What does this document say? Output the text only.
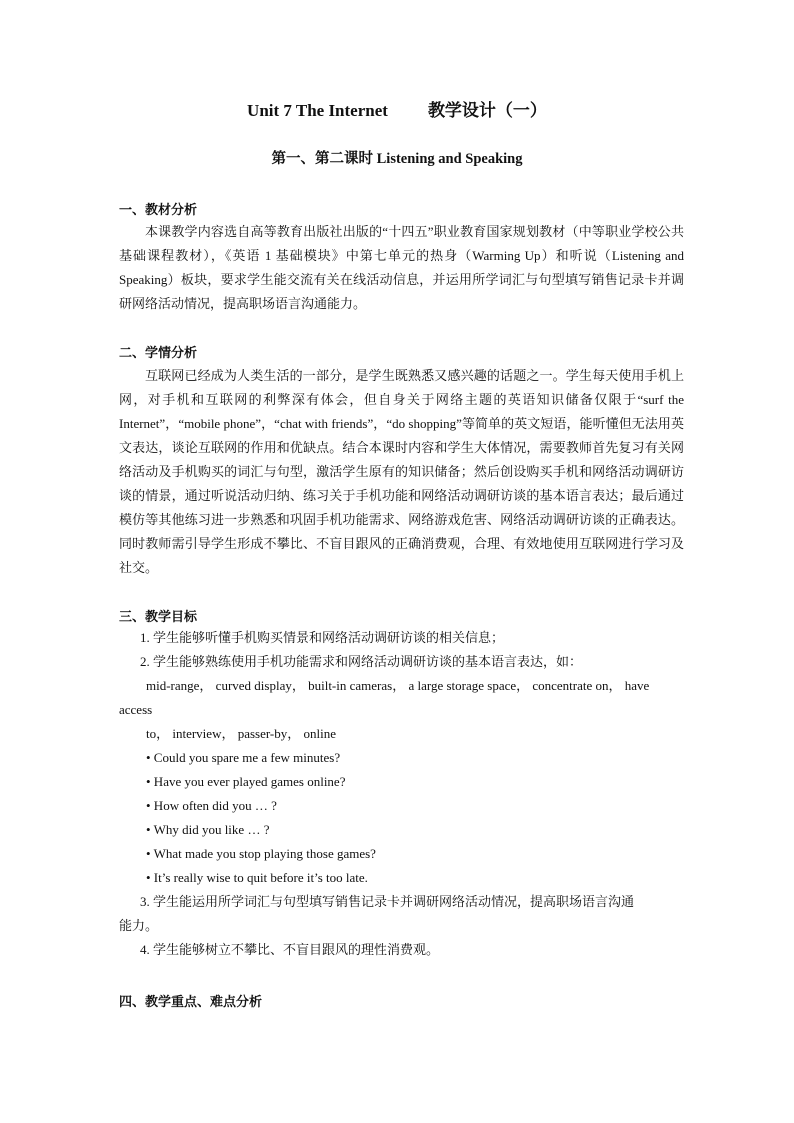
Unit 7 The Internet 教学设计（一）
第一、第二课时 Listening and Speaking
一、教材分析
本课教学内容选自高等教育出版社出版的“十四五”职业教育国家规划教材（中等职业学校公共基础课程教材），《英语 1 基础模块》中第七单元的热身（Warming Up）和听说（Listening and Speaking）板块，要求学生能交流有关在线活动信息，并运用所学词汇与句型填写销售记录卡并调研网络活动情况，提高职场语言沟通能力。
二、学情分析
互联网已经成为人类生活的一部分，是学生既熟悉又感兴趣的话题之一。学生每天使用手机上网，对手机和互联网的利弊深有体会，但自身关于网络主题的英语知识储备仅限于“surf the Internet”，“mobile phone”，“chat with friends”，“do shopping”等简单的英文短语，能听懂但无法用英文表达，谈论互联网的作用和优缺点。结合本课时内容和学生大体情况，需要教师首先复习有关网络活动及手机购买的词汇与句型，激活学生原有的知识储备；然后创设购买手机和网络活动调研访谈的情景，通过听说活动归纳、练习关于手机功能和网络活动调研访谈的基本语言表达；最后通过模仿等其他练习进一步熟悉和巩固手机功能需求、网络游戏危害、网络活动调研访谈的正确表达。同时教师需引导学生形成不攀比、不盲目跟风的正确消费观，合理、有效地使用互联网进行学习及社交。
三、教学目标
1. 学生能够听懂手机购买情景和网络活动调研访谈的相关信息；
2. 学生能够熟练使用手机功能需求和网络活动调研访谈的基本语言表达，如：
mid-range， curved display， built-in cameras， a large storage space， concentrate on， have
access
to， interview， passer-by， online
• Could you spare me a few minutes?
• Have you ever played games online?
• How often did you … ?
• Why did you like … ?
• What made you stop playing those games?
• It’s really wise to quit before it’s too late.
3. 学生能运用所学词汇与句型填写销售记录卡并调研网络活动情况，提高职场语言沟通
能力。
4. 学生能够树立不攀比、不盲目跟风的理性消费观。
四、教学重点、难点分析
